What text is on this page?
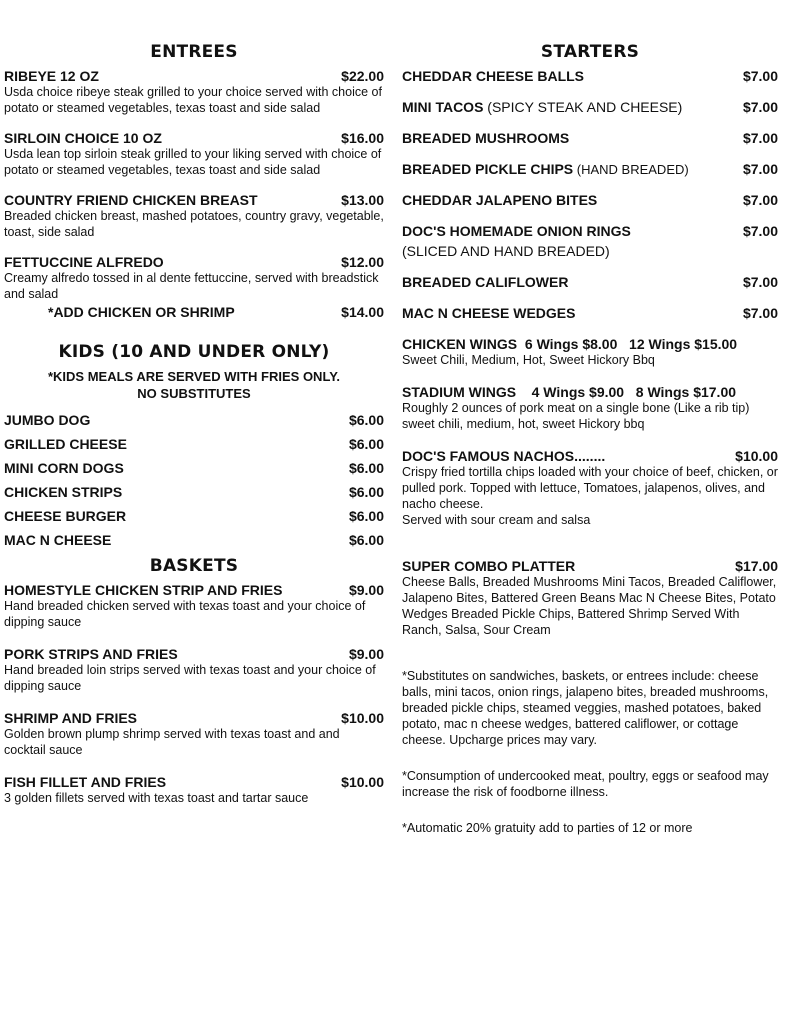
ENTREES
RIBEYE 12 OZ	$22.00
Usda choice ribeye steak grilled to your choice served with choice of potato or steamed vegetables, texas toast and side salad
SIRLOIN CHOICE 10 OZ	$16.00
Usda lean top sirloin steak grilled to your liking served with choice of potato or steamed vegetables, texas toast and side salad
COUNTRY FRIEND CHICKEN BREAST	$13.00
Breaded chicken breast, mashed potatoes, country gravy, vegetable, toast, side salad
FETTUCCINE ALFREDO	$12.00
Creamy alfredo tossed in al dente fettuccine, served with breadstick and salad
*ADD CHICKEN OR SHRIMP	$14.00
KIDS (10 AND UNDER ONLY)
*KIDS MEALS ARE SERVED WITH FRIES ONLY.
NO SUBSTITUTES
JUMBO DOG	$6.00
GRILLED CHEESE	$6.00
MINI CORN DOGS	$6.00
CHICKEN STRIPS	$6.00
CHEESE BURGER	$6.00
MAC N CHEESE	$6.00
BASKETS
HOMESTYLE CHICKEN STRIP AND FRIES	$9.00
Hand breaded chicken served with texas toast and your choice of dipping sauce
PORK STRIPS AND FRIES	$9.00
Hand breaded loin strips served with texas toast and your choice of dipping sauce
SHRIMP AND FRIES	$10.00
Golden brown plump shrimp served with texas toast and and cocktail sauce
FISH FILLET AND FRIES	$10.00
3 golden fillets served with texas toast and tartar sauce
STARTERS
CHEDDAR CHEESE BALLS	$7.00
MINI TACOS (SPICY STEAK AND CHEESE)	$7.00
BREADED MUSHROOMS	$7.00
BREADED PICKLE CHIPS (HAND BREADED)	$7.00
CHEDDAR JALAPENO BITES	$7.00
DOC'S HOMEMADE ONION RINGS	$7.00
(SLICED AND HAND BREADED)
BREADED CALIFLOWER	$7.00
MAC N CHEESE WEDGES	$7.00
CHICKEN WINGS  6 Wings $8.00   12 Wings $15.00
Sweet Chili, Medium, Hot, Sweet Hickory Bbq
STADIUM WINGS    4 Wings $9.00   8 Wings $17.00
Roughly 2 ounces of pork meat on a single bone (Like a rib tip) sweet chili, medium, hot, sweet Hickory bbq
DOC'S FAMOUS NACHOS........	$10.00
Crispy fried tortilla chips loaded with your choice of beef, chicken, or pulled pork. Topped with lettuce, Tomatoes, jalapenos, olives, and nacho cheese.
Served with sour cream and salsa
SUPER COMBO PLATTER	$17.00
Cheese Balls, Breaded Mushrooms Mini Tacos, Breaded Califlower, Jalapeno Bites, Battered Green Beans Mac N Cheese Bites, Potato Wedges Breaded Pickle Chips, Battered Shrimp Served With Ranch, Salsa, Sour Cream
*Substitutes on sandwiches, baskets, or entrees include: cheese balls, mini tacos, onion rings, jalapeno bites, breaded mushrooms, breaded pickle chips, steamed veggies, mashed potatoes, baked potato, mac n cheese wedges, battered califlower, or cottage cheese. Upcharge prices may vary.
*Consumption of undercooked meat, poultry, eggs or seafood may increase the risk of foodborne illness.
*Automatic 20% gratuity add to parties of 12 or more
